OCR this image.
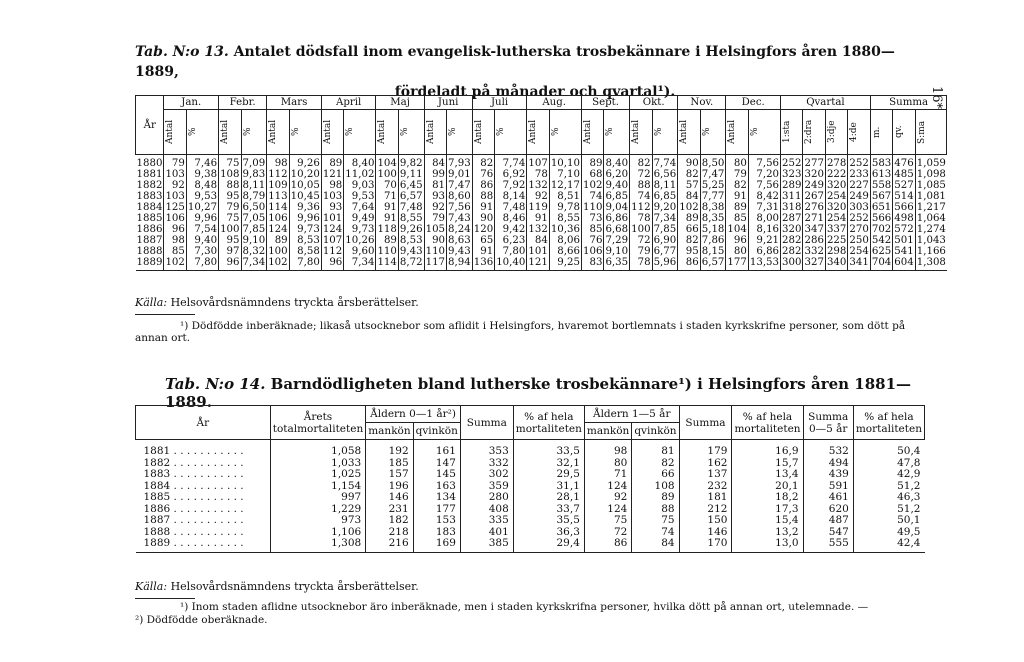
Tab. N:o 13. Antalet dödsfall inom evangelisk-lutherska trosbekännare i Helsingfors åren 1880—1889,
fördeladt på månader och qvartal¹).	16*
År	Jan.		Febr.		Mars		April		Maj		Juni		Juli		Aug.		Sept.		Okt.		Nov.		Dec.		Qvartal				Summa		

	Antal	%	Antal	%	Antal	%	Antal	%	Antal	%	Antal	%	Antal	%	Antal	%	Antal	%	Antal	%	Antal	%	Antal	%	1:sta	2:dra	3:dje	4:de	m.	qv.	S:ma

1880	79	7,46	75	7,09	98	9,26	89	8,40	104	9,82	84	7,93	82	7,74	107	10,10	89	8,40	82	7,74	90	8,50	80	7,56	252	277	278	252	583	476	1,059
1881	103	9,38	108	9,83	112	10,20	121	11,02	100	9,11	99	9,01	76	6,92	78	7,10	68	6,20	72	6,56	82	7,47	79	7,20	323	320	222	233	613	485	1,098
1882	92	8,48	88	8,11	109	10,05	98	9,03	70	6,45	81	7,47	86	7,92	132	12,17	102	9,40	88	8,11	57	5,25	82	7,56	289	249	320	227	558	527	1,085
1883	103	9,53	95	8,79	113	10,45	103	9,53	71	6,57	93	8,60	88	8,14	92	8,51	74	6,85	74	6,85	84	7,77	91	8,42	311	267	254	249	567	514	1,081
1884	125	10,27	79	6,50	114	9,36	93	7,64	91	7,48	92	7,56	91	7,48	119	9,78	110	9,04	112	9,20	102	8,38	89	7,31	318	276	320	303	651	566	1,217
1885	106	9,96	75	7,05	106	9,96	101	9,49	91	8,55	79	7,43	90	8,46	91	8,55	73	6,86	78	7,34	89	8,35	85	8,00	287	271	254	252	566	498	1,064
1886	96	7,54	100	7,85	124	9,73	124	9,73	118	9,26	105	8,24	120	9,42	132	10,36	85	6,68	100	7,85	66	5,18	104	8,16	320	347	337	270	702	572	1,274
1887	98	9,40	95	9,10	89	8,53	107	10,26	89	8,53	90	8,63	65	6,23	84	8,06	76	7,29	72	6,90	82	7,86	96	9,21	282	286	225	250	542	501	1,043
1888	85	7,30	97	8,32	100	8,58	112	9,60	110	9,43	110	9,43	91	7,80	101	8,66	106	9,10	79	6,77	95	8,15	80	6,86	282	332	298	254	625	541	1,166
1889	102	7,80	96	7,34	102	7,80	96	7,34	114	8,72	117	8,94	136	10,40	121	9,25	83	6,35	78	5,96	86	6,57	177	13,53	300	327	340	341	704	604	1,308
Källa: Helsovårdsnämndens tryckta årsberättelser.
¹) Dödfödde inberäknade; likaså utsocknebor som aflidit i Helsingfors, hvaremot bortlemnats i staden kyrkskrifne personer, som dött på annan ort.
Tab. N:o 14. Barndödligheten bland lutherske trosbekännare¹) i Helsingfors åren 1881—1889.
År	Årets totalmortaliteten	Åldern 0—1 år²)		Summa	% af hela mortaliteten	Åldern 1—5 år		Summa	% af hela mortaliteten	Summa 0—5 år	% af hela mortaliteten
		mankön	qvinkön			mankön	qvinkön				
1881 . . . . . . . . . . .	1,058	192	161	353	33,5	98	81	179	16,9	532	50,4
1882 . . . . . . . . . . .	1,033	185	147	332	32,1	80	82	162	15,7	494	47,8
1883 . . . . . . . . . . .	1,025	157	145	302	29,5	71	66	137	13,4	439	42,9
1884 . . . . . . . . . . .	1,154	196	163	359	31,1	124	108	232	20,1	591	51,2
1885 . . . . . . . . . . .	997	146	134	280	28,1	92	89	181	18,2	461	46,3
1886 . . . . . . . . . . .	1,229	231	177	408	33,7	124	88	212	17,3	620	51,2
1887 . . . . . . . . . . .	973	182	153	335	35,5	75	75	150	15,4	487	50,1
1888 . . . . . . . . . . .	1,106	218	183	401	36,3	72	74	146	13,2	547	49,5
1889 . . . . . . . . . . .	1,308	216	169	385	29,4	86	84	170	13,0	555	42,4
Källa: Helsovårdsnämndens tryckta årsberättelser.
¹) Inom staden aflidne utsocknebor äro inberäknade, men i staden kyrkskrifna personer, hvilka dött på annan ort, utelemnade. —
²) Dödfödde oberäknade.
